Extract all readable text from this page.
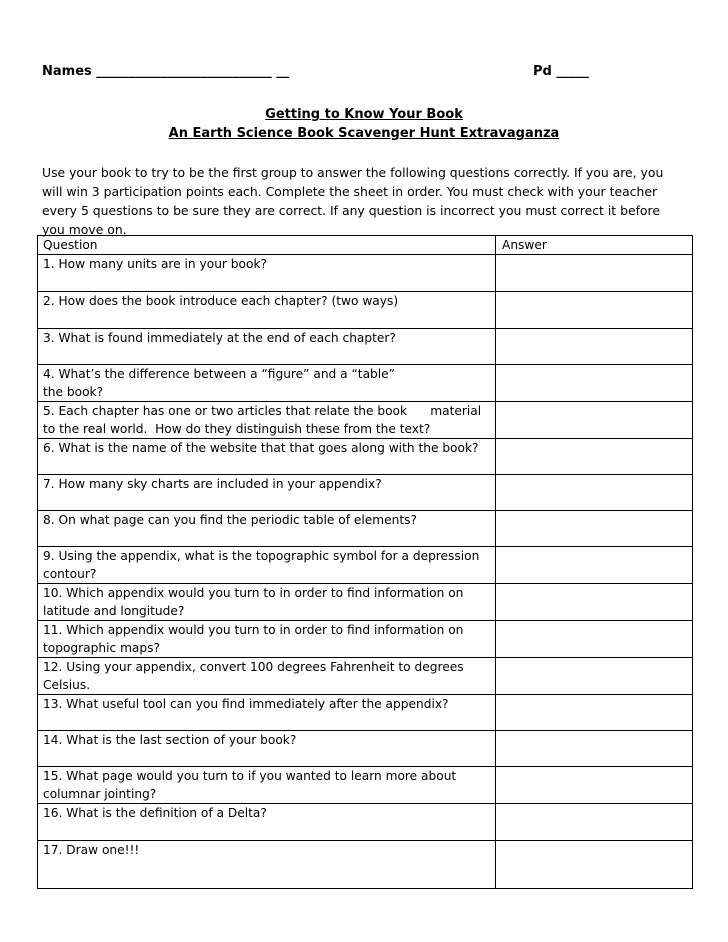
Names ___________________________ __	Pd _____
Getting to Know Your Book
An Earth Science Book Scavenger Hunt Extravaganza
Use your book to try to be the first group to answer the following questions correctly. If you are, you will win 3 participation points each. Complete the sheet in order. You must check with your teacher every 5 questions to be sure they are correct. If any question is incorrect you must correct it before you move on.
Question	Answer

1. How many units are in your book?	

2. How does the book introduce each chapter? (two ways)	

3. What is found immediately at the end of each chapter?	

4. What’s the difference between a “figure” and a “table”
the book?	

5. Each chapter has one or two articles that relate the book      material
to the real world.  How do they distinguish these from the text?	

6. What is the name of the website that that goes along with the book?	

7. How many sky charts are included in your appendix?	

8. On what page can you find the periodic table of elements?	

9. Using the appendix, what is the topographic symbol for a depression
contour?	

10. Which appendix would you turn to in order to find information on
latitude and longitude?	

11. Which appendix would you turn to in order to find information on
topographic maps?	

12. Using your appendix, convert 100 degrees Fahrenheit to degrees
Celsius.	

13. What useful tool can you find immediately after the appendix?	

14. What is the last section of your book?	

15. What page would you turn to if you wanted to learn more about
columnar jointing?	

16. What is the definition of a Delta?	

17. Draw one!!!	
